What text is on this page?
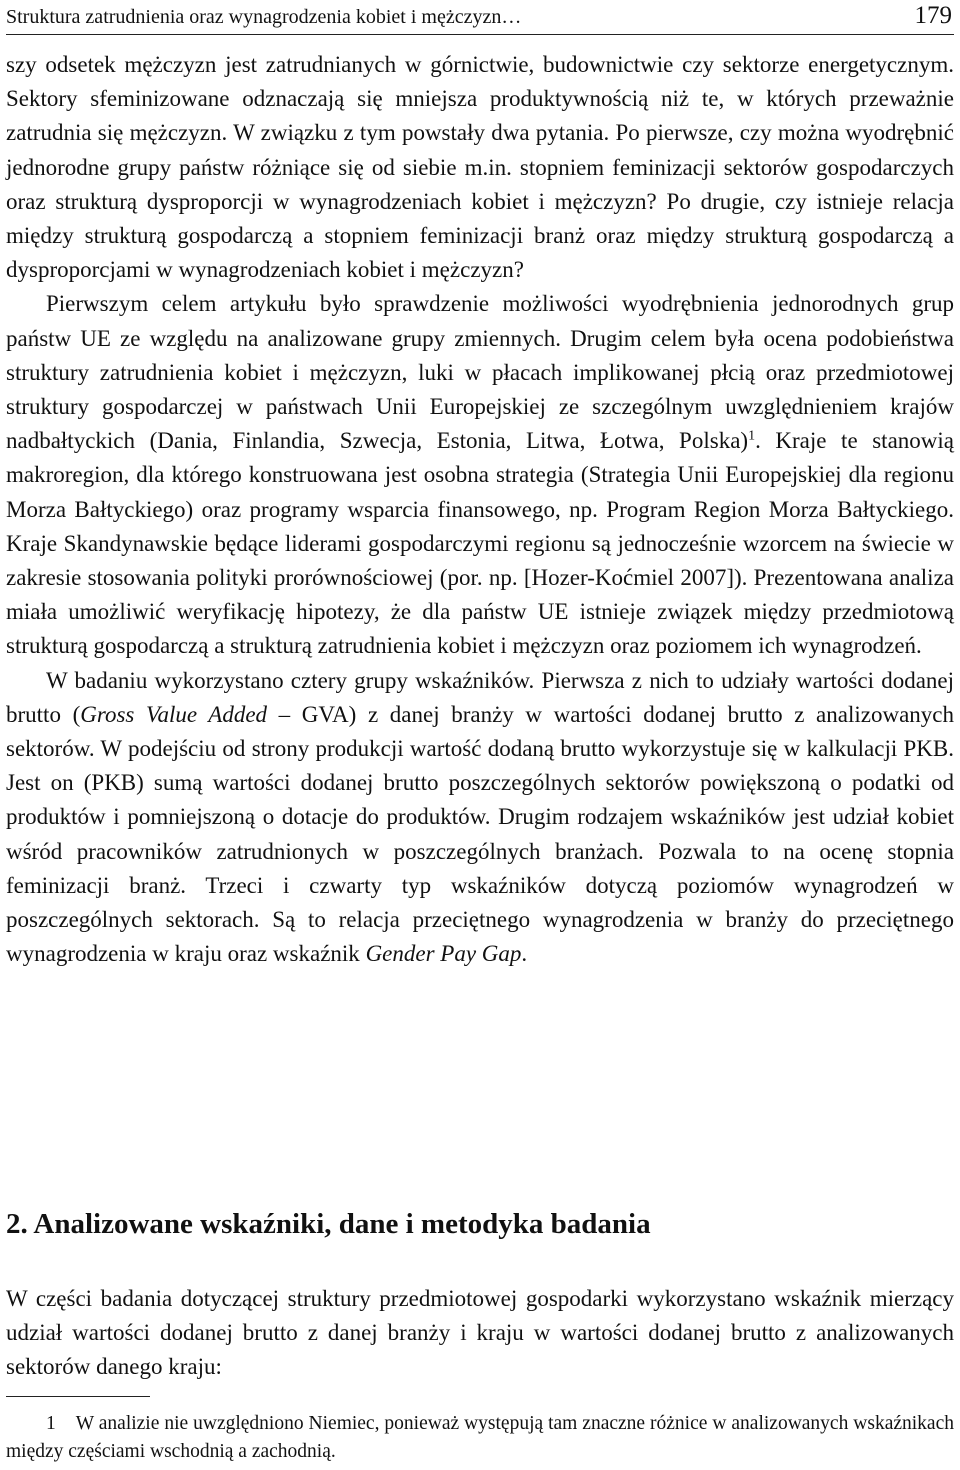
Struktura zatrudnienia oraz wynagrodzenia kobiet i mężczyzn…	179

szy odsetek mężczyzn jest zatrudnianych w górnictwie, budownictwie czy sektorze energetycznym. Sektory sfeminizowane odznaczają się mniejsza produktywnością niż te, w których przeważnie zatrudnia się mężczyzn. W związku z tym powstały dwa pytania. Po pierwsze, czy można wyodrębnić jednorodne grupy państw różniące się od siebie m.in. stopniem feminizacji sektorów gospodarczych oraz strukturą dysproporcji w wynagrodzeniach kobiet i mężczyzn? Po drugie, czy istnieje relacja między strukturą gospodarczą a stopniem feminizacji branż oraz między strukturą gospodarczą a dysproporcjami w wynagrodzeniach kobiet i mężczyzn?

Pierwszym celem artykułu było sprawdzenie możliwości wyodrębnienia jednorodnych grup państw UE ze względu na analizowane grupy zmiennych. Drugim celem była ocena podobieństwa struktury zatrudnienia kobiet i mężczyzn, luki w płacach implikowanej płcią oraz przedmiotowej struktury gospodarczej w państwach Unii Europejskiej ze szczególnym uwzględnieniem krajów nadbałtyckich (Dania, Finlandia, Szwecja, Estonia, Litwa, Łotwa, Polska)$^1$. Kraje te stanowią makroregion, dla którego konstruowana jest osobna strategia (Strategia Unii Europejskiej dla regionu Morza Bałtyckiego) oraz programy wsparcia finansowego, np. Program Region Morza Bałtyckiego. Kraje Skandynawskie będące liderami gospodarczymi regionu są jednocześnie wzorcem na świecie w zakresie stosowania polityki prorównościowej (por. np. [Hozer-Koćmiel 2007]). Prezentowana analiza miała umożliwić weryfikację hipotezy, że dla państw UE istnieje związek między przedmiotową strukturą gospodarczą a strukturą zatrudnienia kobiet i mężczyzn oraz poziomem ich wynagrodzeń.

W badaniu wykorzystano cztery grupy wskaźników. Pierwsza z nich to udziały wartości dodanej brutto (Gross Value Added – GVA) z danej branży w wartości dodanej brutto z analizowanych sektorów. W podejściu od strony produkcji wartość dodaną brutto wykorzystuje się w kalkulacji PKB. Jest on (PKB) sumą wartości dodanej brutto poszczególnych sektorów powiększoną o podatki od produktów i pomniejszoną o dotacje do produktów. Drugim rodzajem wskaźników jest udział kobiet wśród pracowników zatrudnionych w poszczególnych branżach. Pozwala to na ocenę stopnia feminizacji branż. Trzeci i czwarty typ wskaźników dotyczą poziomów wynagrodzeń w poszczególnych sektorach. Są to relacja przeciętnego wynagrodzenia w branży do przeciętnego wynagrodzenia w kraju oraz wskaźnik Gender Pay Gap.

2. Analizowane wskaźniki, dane i metodyka badania

W części badania dotyczącej struktury przedmiotowej gospodarki wykorzystano wskaźnik mierzący udział wartości dodanej brutto z danej branży i kraju w wartości dodanej brutto z analizowanych sektorów danego kraju:

1 W analizie nie uwzględniono Niemiec, ponieważ występują tam znaczne różnice w analizowanych wskaźnikach między częściami wschodnią a zachodnią.
